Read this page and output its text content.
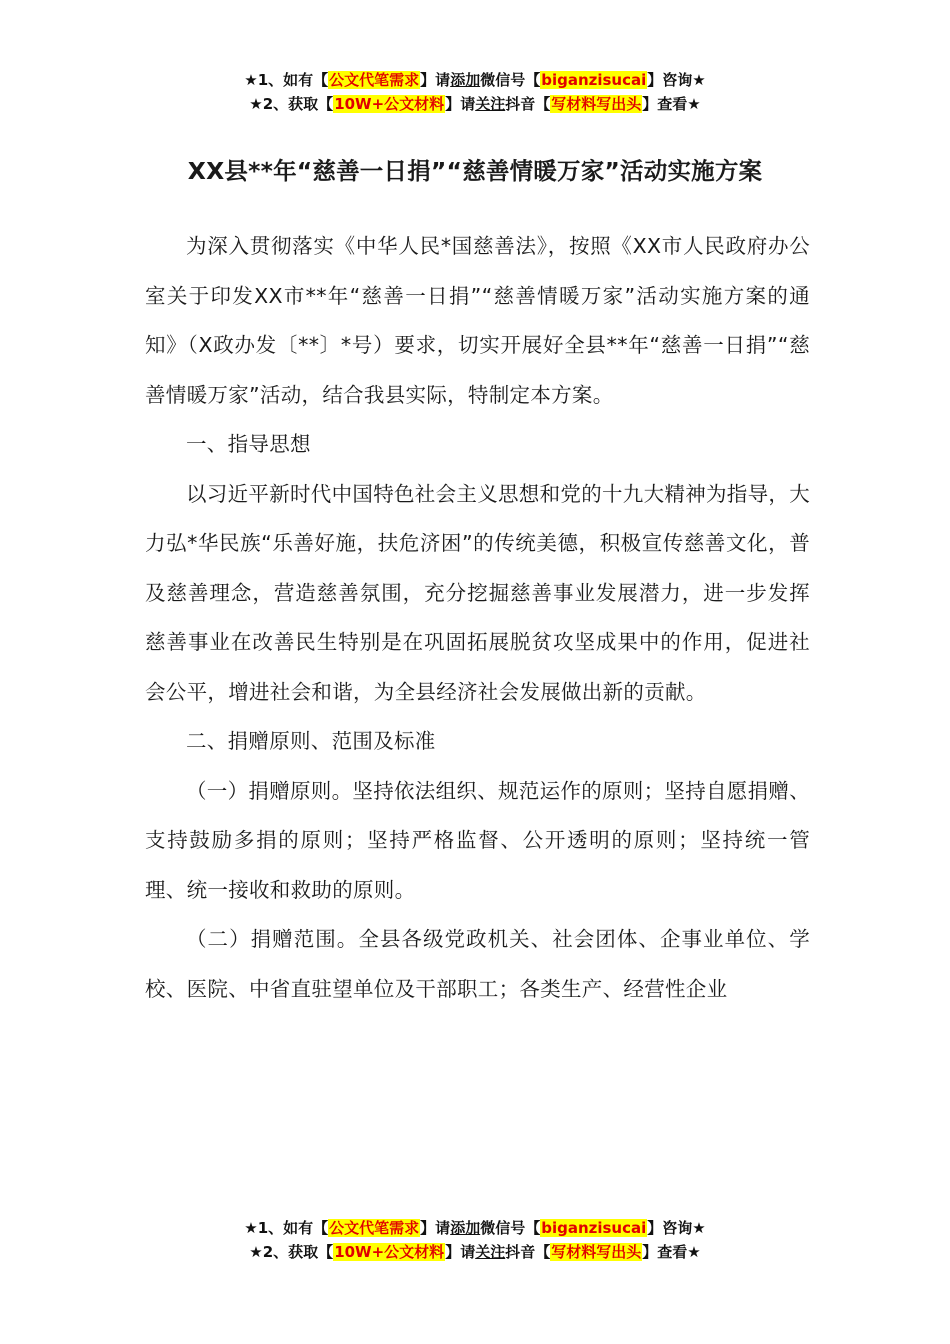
★1、如有【公文代笔需求】请添加微信号【biganzisucai】咨询★
★2、获取【10W+公文材料】请关注抖音【写材料写出头】查看★
XX县**年“慈善一日捐”“慈善情暖万家”活动实施方案

为深入贯彻落实《中华人民*国慈善法》，按照《XX市人民政府办公室关于印发XX市**年“慈善一日捐”“慈善情暖万家”活动实施方案的通知》（X政办发〔**〕*号）要求，切实开展好全县**年“慈善一日捐”“慈善情暖万家”活动，结合我县实际，特制定本方案。

一、指导思想

以习近平新时代中国特色社会主义思想和党的十九大精神为指导，大力弘*华民族“乐善好施，扶危济困”的传统美德，积极宣传慈善文化，普及慈善理念，营造慈善氛围，充分挖掘慈善事业发展潜力，进一步发挥慈善事业在改善民生特别是在巩固拓展脱贫攻坚成果中的作用，促进社会公平，增进社会和谐，为全县经济社会发展做出新的贡献。

二、捐赠原则、范围及标准

（一）捐赠原则。坚持依法组织、规范运作的原则；坚持自愿捐赠、支持鼓励多捐的原则；坚持严格监督、公开透明的原则；坚持统一管理、统一接收和救助的原则。

（二）捐赠范围。全县各级党政机关、社会团体、企事业单位、学校、医院、中省直驻望单位及干部职工；各类生产、经营性企业

★1、如有【公文代笔需求】请添加微信号【biganzisucai】咨询★
★2、获取【10W+公文材料】请关注抖音【写材料写出头】查看★
